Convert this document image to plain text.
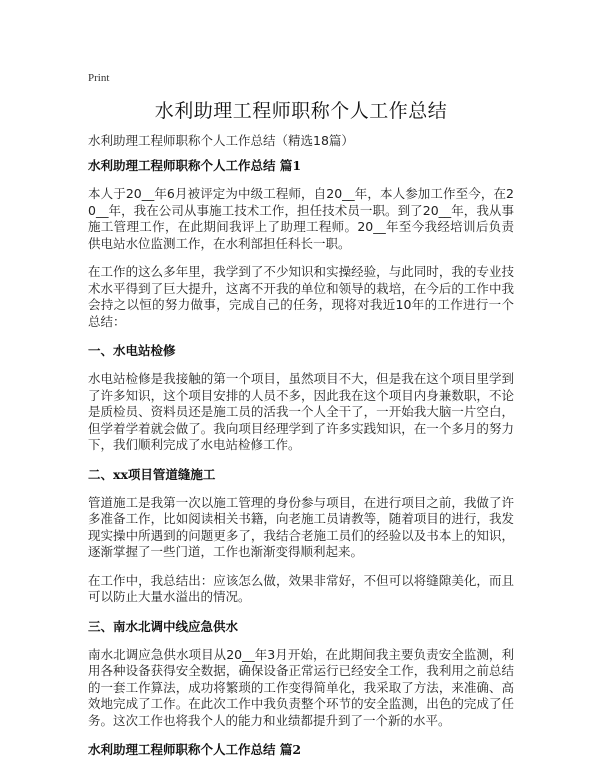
Print
水利助理工程师职称个人工作总结
水利助理工程师职称个人工作总结（精选18篇）
水利助理工程师职称个人工作总结 篇1

本人于20__年6月被评定为中级工程师，自20__年，本人参加工作至今，在20__年，我在公司从事施工技术工作，担任技术员一职。到了20__年，我从事施工管理工作，在此期间我评上了助理工程师。20__年至今我经培训后负责供电站水位监测工作，在水利部担任科长一职。

在工作的这么多年里，我学到了不少知识和实操经验，与此同时，我的专业技术水平得到了巨大提升，这离不开我的单位和领导的栽培，在今后的工作中我会持之以恒的努力做事，完成自己的任务，现将对我近10年的工作进行一个总结：

一、水电站检修

水电站检修是我接触的第一个项目，虽然项目不大，但是我在这个项目里学到了许多知识，这个项目安排的人员不多，因此我在这个项目内身兼数职，不论是质检员、资料员还是施工员的活我一个人全干了，一开始我大脑一片空白，但学着学着就会做了。我向项目经理学到了许多实践知识，在一个多月的努力下，我们顺利完成了水电站检修工作。

二、xx项目管道缝施工

管道施工是我第一次以施工管理的身份参与项目，在进行项目之前，我做了许多准备工作，比如阅读相关书籍，向老施工员请教等，随着项目的进行，我发现实操中所遇到的问题更多了，我结合老施工员们的经验以及书本上的知识，逐渐掌握了一些门道，工作也渐渐变得顺利起来。

在工作中，我总结出：应该怎么做，效果非常好，不但可以将缝隙美化，而且可以防止大量水溢出的情况。

三、南水北调中线应急供水

南水北调应急供水项目从20__年3月开始，在此期间我主要负责安全监测，利用各种设备获得安全数据，确保设备正常运行已经安全工作，我利用之前总结的一套工作算法，成功将繁琐的工作变得简单化，我采取了方法，来准确、高效地完成了工作。在此次工作中我负责整个环节的安全监测，出色的完成了任务。这次工作也将我个人的能力和业绩都提升到了一个新的水平。

水利助理工程师职称个人工作总结 篇2
